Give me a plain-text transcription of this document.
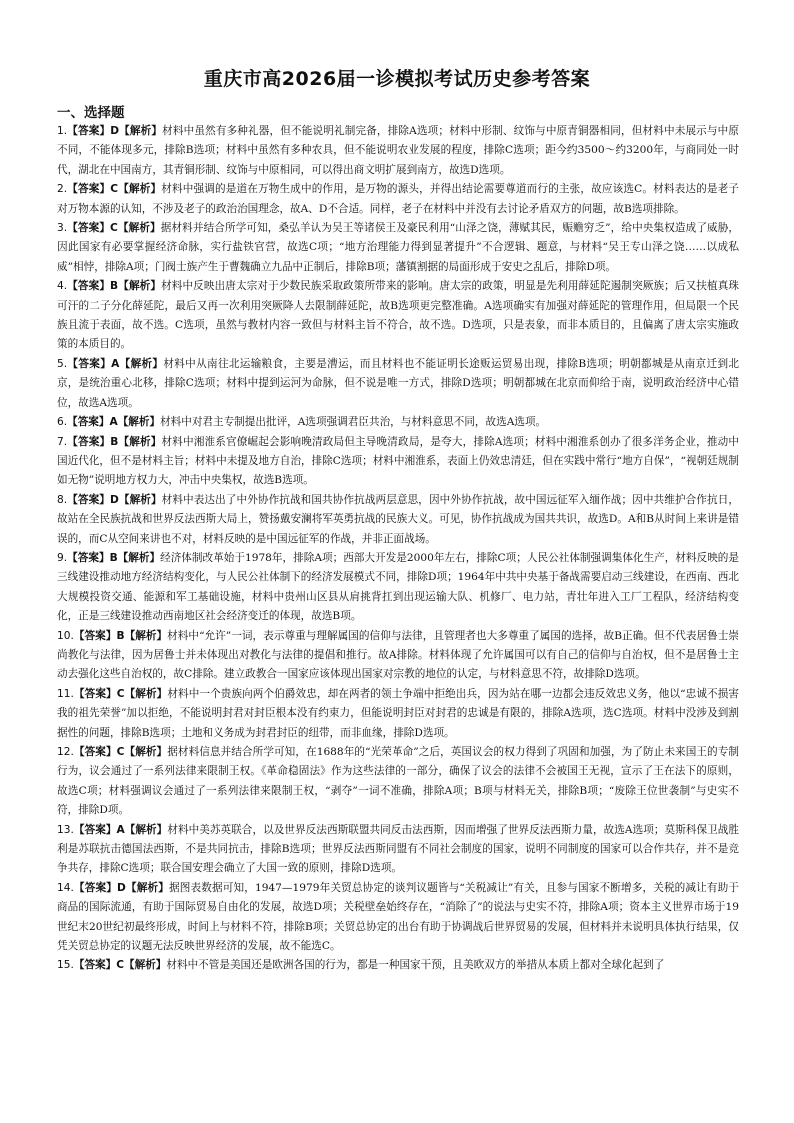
重庆市高2026届一诊模拟考试历史参考答案
一、选择题

1.【答案】D【解析】材料中虽然有多种礼器，但不能说明礼制完备，排除A选项；材料中形制、纹饰与中原青铜器相同，但材料中未展示与中原不同，不能体现多元，排除B选项；材料中虽然有多种农具，但不能说明农业发展的程度，排除C选项；距今约3500～约3200年，与商同处一时代，湖北在中国南方，其青铜形制、纹饰与中原相同，可以得出商文明扩展到南方，故选D选项。

2.【答案】C【解析】材料中强调的是道在万物生成中的作用，是万物的源头，并得出结论需要尊道而行的主张，故应该选C。材料表达的是老子对万物本源的认知，不涉及老子的政治治国理念，故A、D不合适。同样，老子在材料中并没有去讨论矛盾双方的问题，故B选项排除。

3.【答案】C【解析】据材料并结合所学可知，桑弘羊认为吴王等诸侯王及豪民利用“山泽之饶，薄赋其民，赈赡穷乏”，给中央集权造成了威胁，因此国家有必要掌握经济命脉，实行盐铁官营，故选C项；“地方治理能力得到显著提升”不合逻辑、题意，与材料“吴王专山泽之饶……以成私威”相悖，排除A项；门阀士族产生于曹魏确立九品中正制后，排除B项；藩镇割据的局面形成于安史之乱后，排除D项。

4.【答案】B【解析】材料中反映出唐太宗对于少数民族采取政策所带来的影响。唐太宗的政策，明显是先利用薛延陀遏制突厥族；后又扶植真珠可汗的二子分化薛延陀，最后又再一次利用突厥降人去限制薛延陀，故B选项更完整准确。A选项确实有加强对薛延陀的管理作用，但局限一个民族且流于表面，故不选。C选项，虽然与教材内容一致但与材料主旨不符合，故不选。D选项，只是表象，而非本质目的，且偏离了唐太宗实施政策的本质目的。

5.【答案】A【解析】材料中从南往北运输粮食，主要是漕运，而且材料也不能证明长途贩运贸易出现，排除B选项；明朝都城是从南京迁到北京，是统治重心北移，排除C选项；材料中提到运河为命脉，但不说是唯一方式，排除D选项；明朝都城在北京而仰给于南，说明政治经济中心错位，故选A选项。

6.【答案】A【解析】材料中对君主专制提出批评，A选项强调君臣共治，与材料意思不同，故选A选项。

7.【答案】B【解析】材料中湘淮系官僚崛起会影响晚清政局但主导晚清政局，是夸大，排除A选项；材料中湘淮系创办了很多洋务企业，推动中国近代化，但不是材料主旨；材料中未提及地方自治，排除C选项；材料中湘淮系，表面上仍效忠清廷，但在实践中常行“地方自保”，“视朝廷规制如无物”说明地方权力大，冲击中央集权，故选B选项。

8.【答案】D【解析】材料中表达出了中外协作抗战和国共协作抗战两层意思，因中外协作抗战，故中国远征军入缅作战；因中共维护合作抗日，故站在全民族抗战和世界反法西斯大局上，赞扬戴安澜将军英勇抗战的民族大义。可见，协作抗战成为国共共识，故选D。A和B从时间上来讲是错误的，而C从空间来讲也不对，材料反映的是中国远征军的作战，并非正面战场。

9.【答案】B【解析】经济体制改革始于1978年，排除A项；西部大开发是2000年左右，排除C项；人民公社体制强调集体化生产，材料反映的是三线建设推动地方经济结构变化，与人民公社体制下的经济发展模式不同，排除D项；1964年中共中央基于备战需要启动三线建设，在西南、西北大规模投资交通、能源和军工基础设施，材料中贵州山区县从肩挑背扛到出现运输大队、机修厂、电力站，青壮年进入工厂工程队，经济结构变化，正是三线建设推动西南地区社会经济变迁的体现，故选B项。

10.【答案】B【解析】材料中“允许”一词，表示尊重与理解属国的信仰与法律，且管理者也大多尊重了属国的选择，故B正确。但不代表居鲁士崇尚教化与法律，因为居鲁士并未体现出对教化与法律的提倡和推行。故A排除。材料体现了允许属国可以有自己的信仰与自治权，但不是居鲁士主动去强化这些自治权的，故C排除。建立政教合一国家应该体现出国家对宗教的地位的认定，与材料意思不符，故排除D选项。

11.【答案】C【解析】材料中一个贵族向两个伯爵效忠，却在两者的领土争端中拒绝出兵，因为站在哪一边都会违反效忠义务，他以“忠诚不损害我的祖先荣誉”加以拒绝，不能说明封君对封臣根本没有约束力，但能说明封臣对封君的忠诚是有限的，排除A选项，选C选项。材料中没涉及到割据性的问题，排除B选项；土地和义务成为封君封臣的纽带，而非血缘，排除D选项。

12.【答案】C【解析】据材料信息并结合所学可知，在1688年的“光荣革命”之后，英国议会的权力得到了巩固和加强，为了防止未来国王的专制行为，议会通过了一系列法律来限制王权。《革命稳固法》作为这些法律的一部分，确保了议会的法律不会被国王无视，宣示了王在法下的原则，故选C项；材料强调议会通过了一系列法律来限制王权，“剥夺”一词不准确，排除A项；B项与材料无关，排除B项；“废除王位世袭制”与史实不符，排除D项。

13.【答案】A【解析】材料中美苏英联合，以及世界反法西斯联盟共同反击法西斯，因而增强了世界反法西斯力量，故选A选项；莫斯科保卫战胜利是苏联抗击德国法西斯，不是共同抗击，排除B选项；世界反法西斯同盟有不同社会制度的国家，说明不同制度的国家可以合作共存，并不是竞争共存，排除C选项；联合国安理会确立了大国一致的原则，排除D选项。

14.【答案】D【解析】据图表数据可知，1947—1979年关贸总协定的谈判议题皆与“关税减让”有关，且参与国家不断增多，关税的减让有助于商品的国际流通，有助于国际贸易自由化的发展，故选D项；关税壁垒始终存在，“消除了”的说法与史实不符，排除A项；资本主义世界市场于19世纪末20世纪初最终形成，时间上与材料不符，排除B项；关贸总协定的出台有助于协调战后世界贸易的发展，但材料并未说明具体执行结果，仅凭关贸总协定的议题无法反映世界经济的发展，故不能选C。

15.【答案】C【解析】材料中不管是美国还是欧洲各国的行为，都是一种国家干预，且美欧双方的举措从本质上都对全球化起到了
